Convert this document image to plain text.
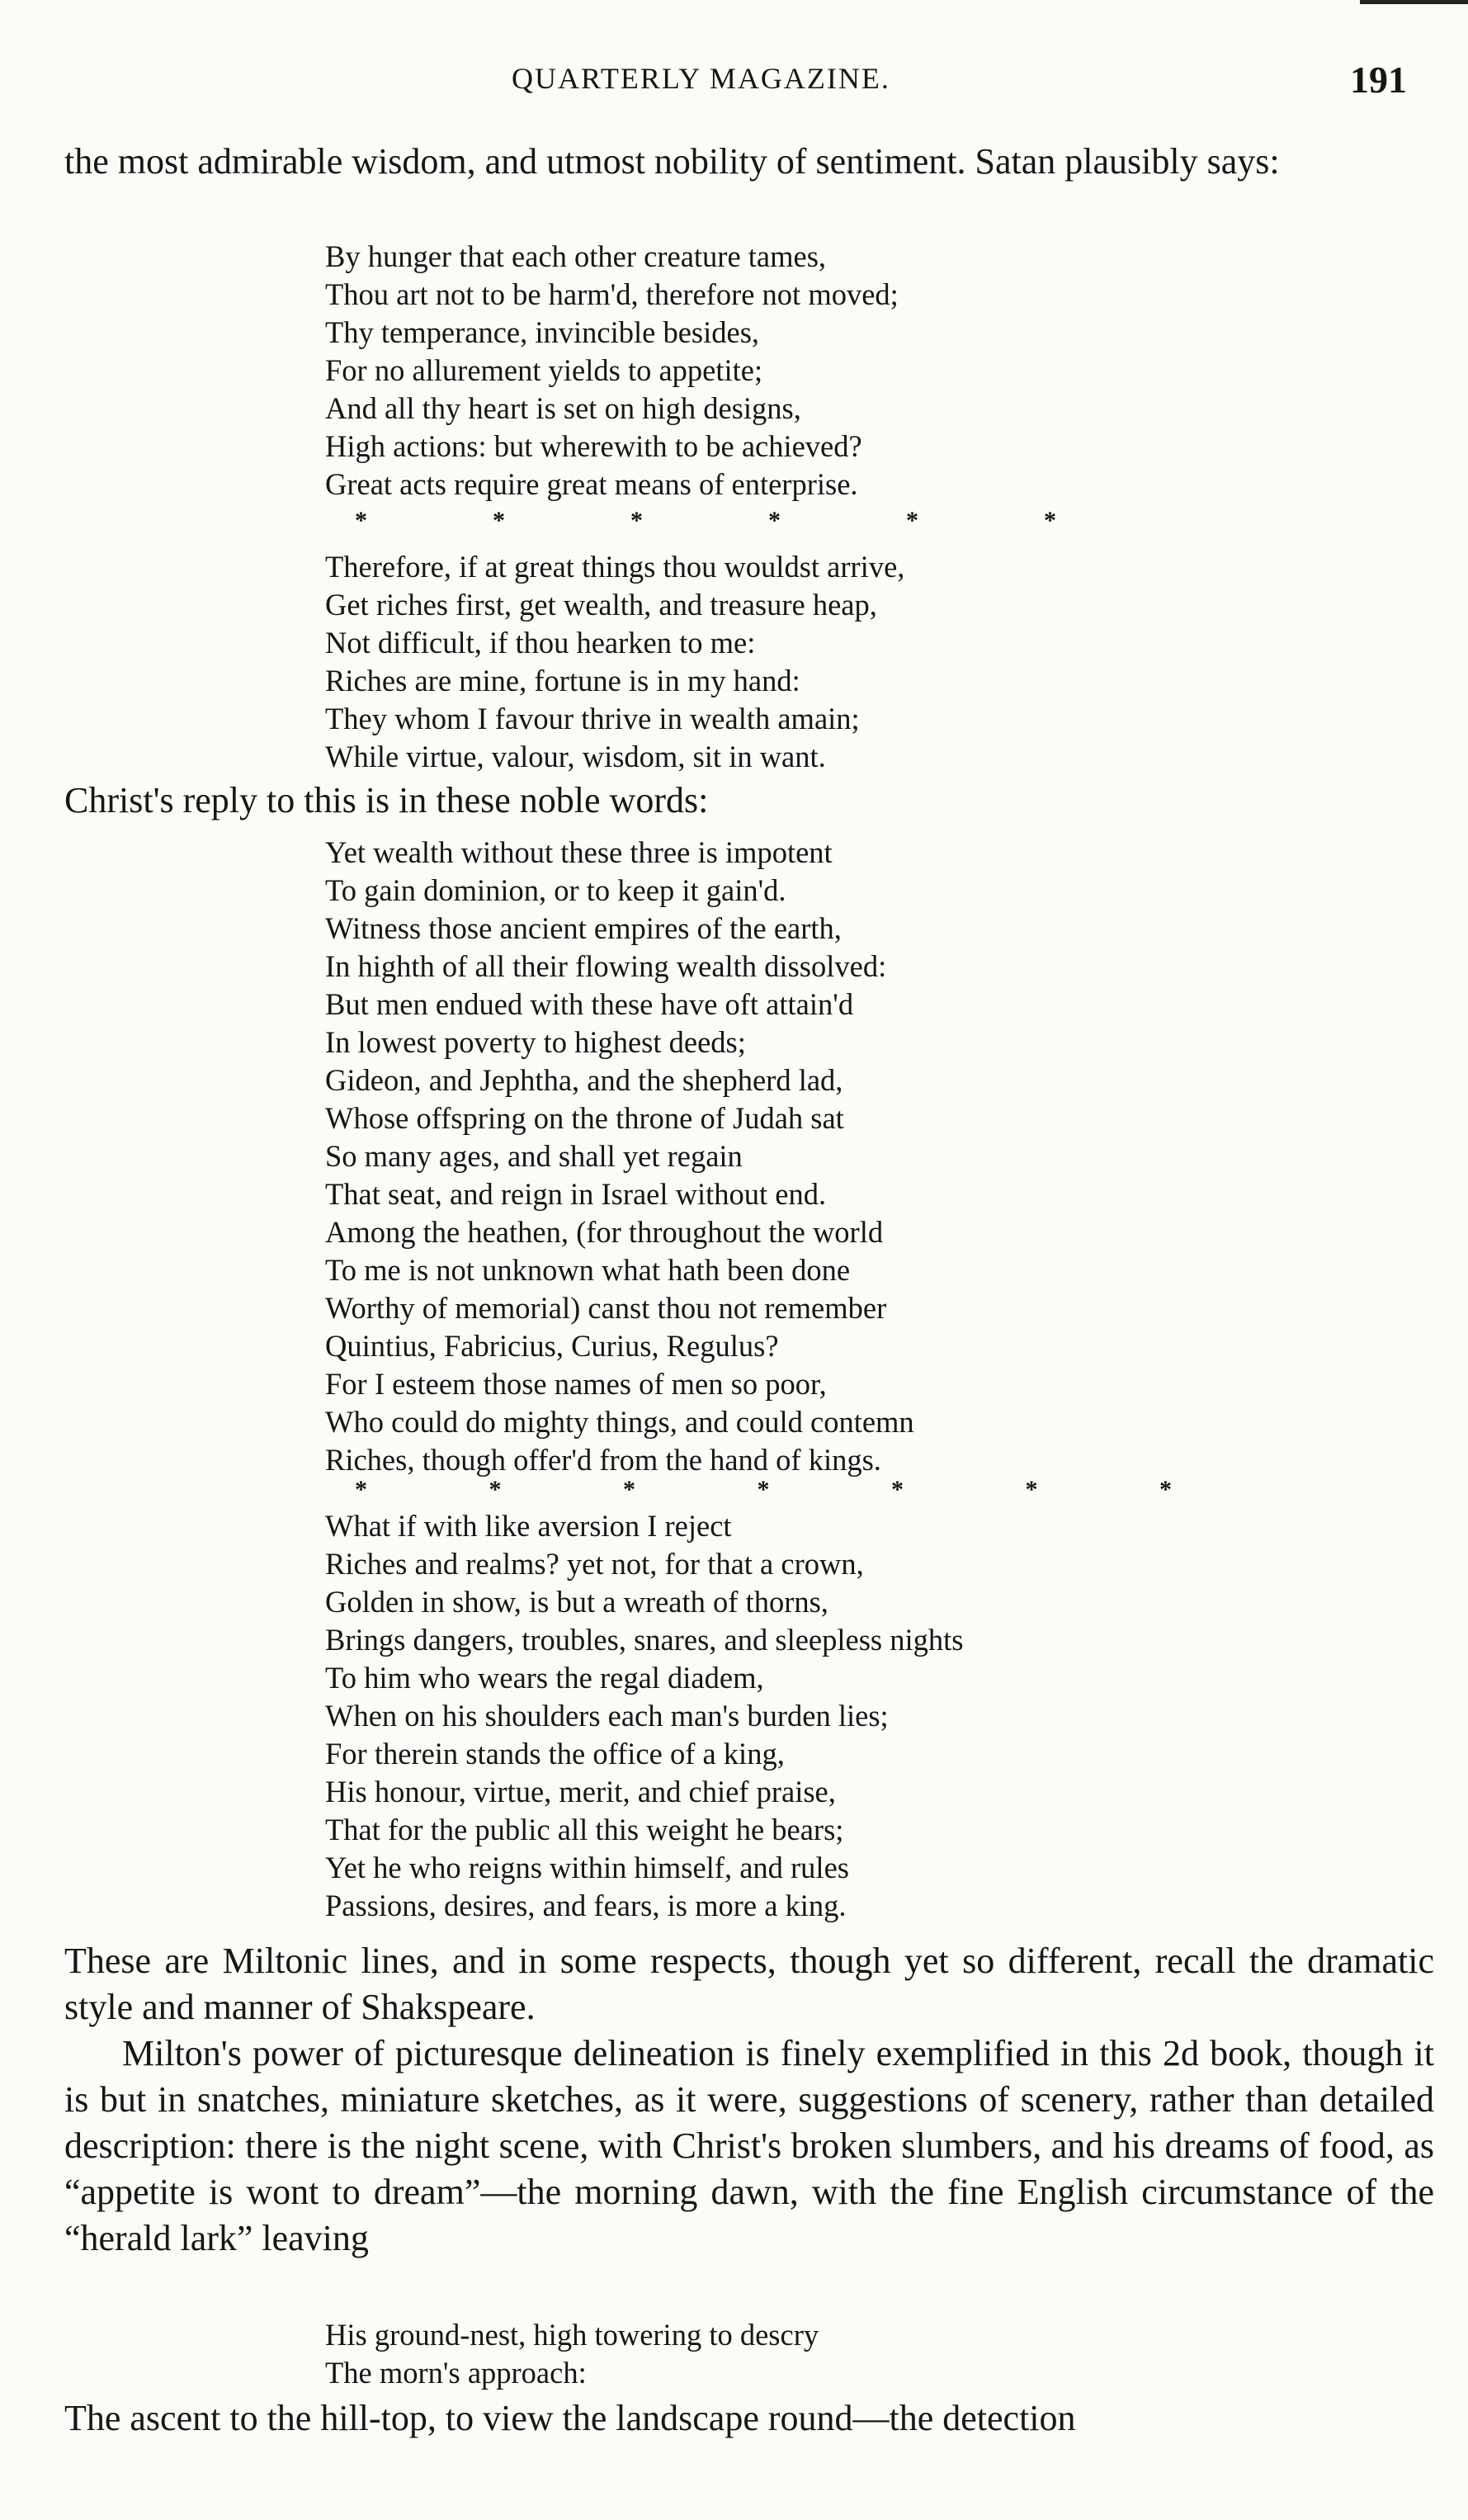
QUARTERLY MAGAZINE.	191

the most admirable wisdom, and utmost nobility of sentiment. Satan plausibly says:

By hunger that each other creature tames,
Thou art not to be harm'd, therefore not moved;
Thy temperance, invincible besides,
For no allurement yields to appetite;
And all thy heart is set on high designs,
High actions: but wherewith to be achieved?
Great acts require great means of enterprise.
*	*	*	*	*	*
Therefore, if at great things thou wouldst arrive,
Get riches first, get wealth, and treasure heap,
Not difficult, if thou hearken to me:
Riches are mine, fortune is in my hand:
They whom I favour thrive in wealth amain;
While virtue, valour, wisdom, sit in want.

Christ's reply to this is in these noble words:

Yet wealth without these three is impotent
To gain dominion, or to keep it gain'd.
Witness those ancient empires of the earth,
In highth of all their flowing wealth dissolved:
But men endued with these have oft attain'd
In lowest poverty to highest deeds;
Gideon, and Jephtha, and the shepherd lad,
Whose offspring on the throne of Judah sat
So many ages, and shall yet regain
That seat, and reign in Israel without end.
Among the heathen, (for throughout the world
To me is not unknown what hath been done
Worthy of memorial) canst thou not remember
Quintius, Fabricius, Curius, Regulus?
For I esteem those names of men so poor,
Who could do mighty things, and could contemn
Riches, though offer'd from the hand of kings.
*	*	*	*	*	*	*
What if with like aversion I reject
Riches and realms? yet not, for that a crown,
Golden in show, is but a wreath of thorns,
Brings dangers, troubles, snares, and sleepless nights
To him who wears the regal diadem,
When on his shoulders each man's burden lies;
For therein stands the office of a king,
His honour, virtue, merit, and chief praise,
That for the public all this weight he bears;
Yet he who reigns within himself, and rules
Passions, desires, and fears, is more a king.

These are Miltonic lines, and in some respects, though yet so different, recall the dramatic style and manner of Shakspeare.

Milton's power of picturesque delineation is finely exemplified in this 2d book, though it is but in snatches, miniature sketches, as it were, suggestions of scenery, rather than detailed description: there is the night scene, with Christ's broken slumbers, and his dreams of food, as “appetite is wont to dream”—the morning dawn, with the fine English circumstance of the “herald lark” leaving

His ground-nest, high towering to descry
The morn's approach:

The ascent to the hill-top, to view the landscape round—the detection
